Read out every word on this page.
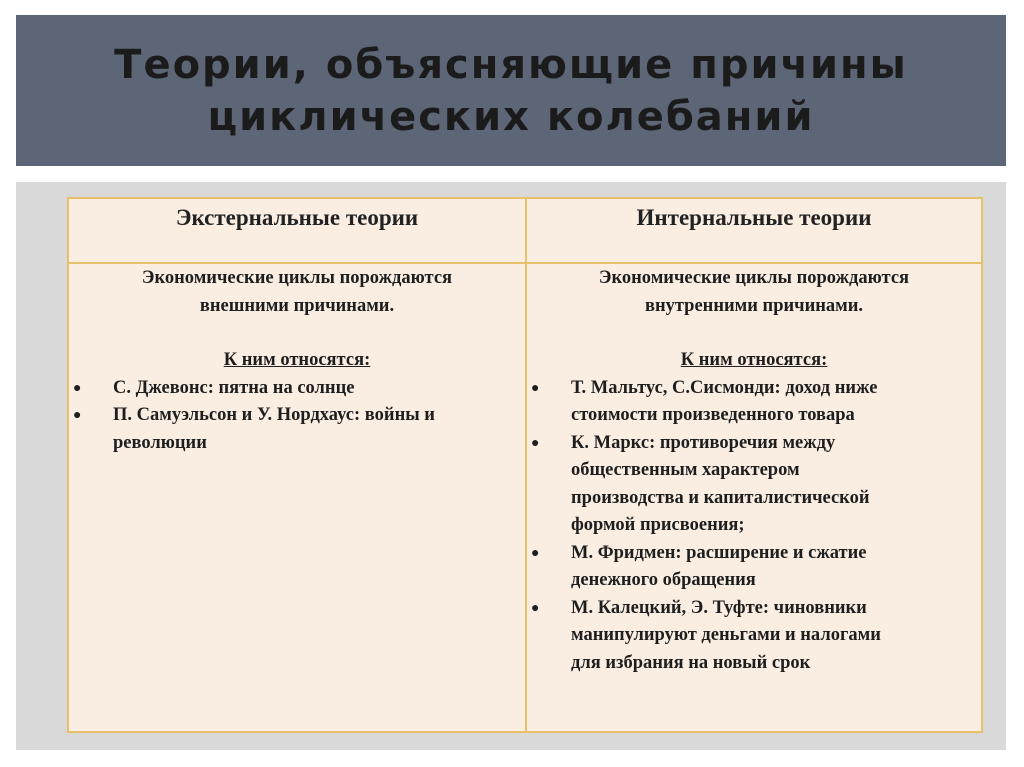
Теории, объясняющие причины
циклических колебаний
Экстернальные теории	Интернальные теории
Экономические циклы порождаются
внешними причинами.
К ним относятся:
● С. Джевонс: пятна на солнце
● П. Самуэльсон и У. Нордхаус: войны и
революции
Экономические циклы порождаются
внутренними причинами.
К ним относятся:
● Т. Мальтус, С.Сисмонди: доход ниже
стоимости произведенного товара
● К. Маркс: противоречия между
общественным характером
производства и капиталистической
формой присвоения;
● М. Фридмен: расширение и сжатие
денежного обращения
● М. Калецкий, Э. Туфте: чиновники
манипулируют деньгами и налогами
для избрания на новый срок
